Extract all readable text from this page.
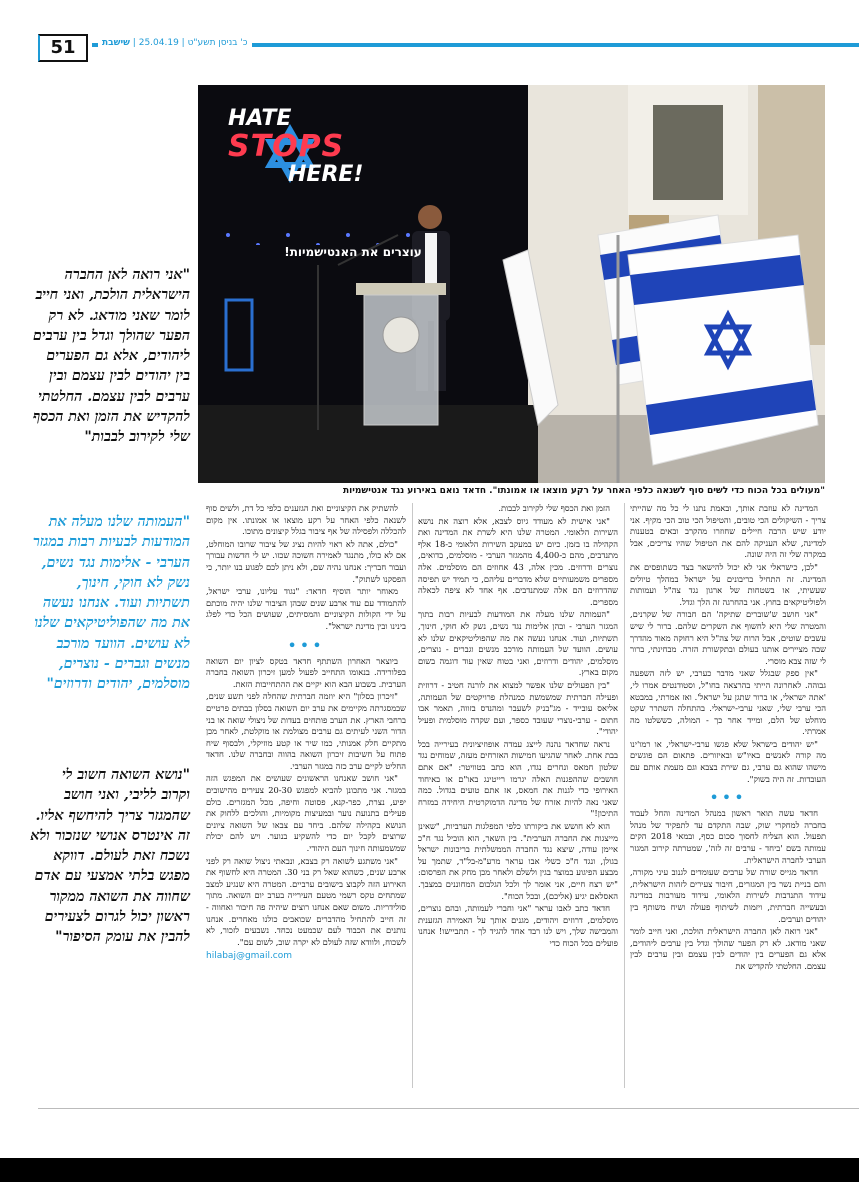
51	כ' בניסן תשע"ט | 25.04.19 | שישבת
HATE
STOPS
HERE!
עוצרים את האנטישמיות!
"מעולים בכל הכוח כדי לשים סוף לשנאה כלפי האחר על רקע מוצאו או אמונתו". חדאד נואם באירוע נגד אנטישמיות
"אני רואה לאן החברה הישראלית הולכת, ואני חייב לומר שאני מודאג. לא רק הפער שהולך וגדל בין ערבים ליהודים, אלא גם הפערים בין יהודים לבין עצמם ובין ערבים לבין עצמם. החלטתי להקדיש את הזמן ואת הכסף שלי לקירוב לבבות"
"העמותה שלנו מעלה את המודעות לבעיות רבות במגזר הערבי - אלימות נגד נשים, נשק לא חוקי, חינוך, תשתיות ועוד. אנחנו נעשה את מה שהפוליטיקאים שלנו לא עושים. הוועד מורכב מנשים וגברים - נוצרים, מוסלמים, יהודים ודרוזים"
"נושא השואה חשוב לי וקרוב לליבי, ואני חושב שהמגזר צריך להיחשף אליו. זה אינטרס אנושי שנזכור ולא נשכח זאת לעולם. דווקא מפגש בלתי אמצעי עם אדם שחווה את השואה ממקור ראשון יכול לגרום לצעירים להבין את עומק הסיפור"

המדינה לא עוזבת אותך, ובאמת נתנו לי כל מה שהייתי צריך - השיקולים הכי טובים, והטיפול הכי טוב הכי מקיף. אני יודע שיש הרבה חיילים שחוזרו מהקרב ובאים בטענות למדינה, שלא העניקה להם את הטיפול שהיו צריכים, אבל במקרה שלי זה היה שונה.

"לכן, כישראלי אני לא יכול להישאר בצד כשתופסים את המדינה. זה התחיל בריבונים על ישראל במהלך טיולים שעשיתי, או בשטחות של ארגון נגד צה"ל ועמותות ולפוליטיקאים בחוץ. אני בהחרגה זה הלך וגדל.

"אני חושב ש'שוברים שתיקה' הם חבורה של שקרנים, והמטרה שלי היא לחשוף את השקרים שלהם. ברור לי שיש עשבים שוטים, אבל הרוח של צה"ל היא רחוקה מאוד מהדרך שבה מציירים אותנו בעולם ובתקשורת הזרה. מבחינתי, ברור לי שזה צבא מוסרי.

"אין ספק שבגלל שאני מדבר כערבי, יש לזה השפעה גבוהה. לאחרונה הייתי בהרצאה בחו"ל, וסטודנטים אמרו לי, 'אתה ישראלי, או ברור שתגן על ישראל'. ואז אמרתי, במבטא הכי ערבי שלי, שאני ערבי-ישראלי. בהתחלה השתרר שקט מוחלט של הלם, ומייד אחר כך - המולה, כששלטו מה אמרתי.

"יש יהודים בישראל שלא פגשו ערבי-ישראלי, או רמו'ינו מה קורה לאנשים באיו"ש ובאיזורים. פתאום הם פוגשים מישהו שהוא גם ערבי, גם שירת בצבא וגם מעמת אותם עם העובדות. זה היה בשוק".

•••

חדאד עשה תואר ראשון במנהל המדינה והחל לעבוד בחברה למחקרי שוק, שבה התקדם עד לתפקיד של מנהל תפעול. הוא הצליח לחסוך סכום כסף, ובמאי 2018 הקים עמותה בשם 'ביחד - ערבים זה לזה', שמטרתה קירוב המגזר הערבי לחברה הישראלית.

חדאד מגייס שורה של ערבים שעומדים לגנוב עיני מקורה, והם בניית נשר בין המגזרים, חיבור צעירים לזהות הישראלית, עידוד התנדבות לשירות הלאומי, עידוד מעורבות במדינה ובעשייה חברתית, ויזמות לשיתוף פעולה ושיח משותף בין יהודים וערבים.

"אני רואה לאן החברה הישראלית הולכת, ואני חייב לומר שאני מודאג. לא רק הפער שהולך וגדל בין ערבים ליהודים, אלא גם הפערים בין יהודים לבין עצמם ובין ערבים לבין עצמם. החלטתי להקדיש את

הזמן ואת הכסף שלי לקירוב לבבות.

"אני אישית לא מעודד גיוס לצבא, אלא רוצה את נושא השירות הלאומי. המטרה שלנו היא לשרת את המדינה ואת הקהילה בו בזמן. כיום יש במעקב השירות הלאומי כ-18 אלף מתנדבים, מהם כ-4,400 מהמגזר הערבי - מוסלמים, בדואים, נוצרים ודרוזים. מכין אלה, 43 אחוזים הם מוסלמים. אלה מספרים משמעותיים שלא מדברים עליהם, כי תמיד יש תפיסה שהדרוזים הם אלה שמתנדבים. אף אחד לא ציפה לכאלה מספרים.

"העמותה שלנו מעלה את המודעות לבעיות רבות בתוך המגזר הערבי - ובהן אלימות נגד נשים, נשק לא חוקי, חינוך, תשתיות, ועוד. אנחנו נעשה את מה שהפוליטיקאים שלנו לא עושים. הוועד של העמותה מורכב מנשים וגברים - נוצרים, מוסלמים, יהודים ודרוזים, ואני בטוח שאין עוד דוגמה בשום מקום בארץ.

"בין הפעולים שלנו אפשר למצוא את לורנה חטיב - דרוזית ופעילה חברתית שמשמשת כמנהלת פרויקטים של העמותה, אליאס עובייד - מג"בניק לשעבר ומהנדס בזווה, תאמר אבו חתום - ערבי-נוצרי שעובד כספר, ועם שקדה מוסלמית ופעיל יהודי".

נראה שחדאד נהנה לייצג עמדה אופוזיציונית בעירייה בכל בבת אחת. לאחר שהגיעו חמישות האזרחים מעזה, שמוחים נגד שלטון חמאס ונחרים נגדו, הוא כתב בטוויטר: "אם אתם חושבים שההפגנות האלה יגרמו רייטינג באו"ם או באיחוד האירופי כדי לגנות את חמאס, אז אתם טועים בגדול. כמה שאני נאה להיות אזרח של מדינה הדמוקרטית היחידה במזרח התיכון!"

הוא לא חושש את ביקורתו כלפי המפלגות הערביות, "שאינן מייצגות את החברה הערבית". בין השאר, הוא הוביל נגד ח"כ איימן עודה, שיצא נגד החברה הממשלתית בריבונות ישראל בגולן, ונגד ח"כ כשלי אבו עראר מרע"מ-בל"ד, שתמך על מבצע הפיגוע במוצר בגין ולשלם ולאחר מכן מחק את הפרסום: "יש רצח חיים, אני אומר לך ולכל הגלבום המחוננים במצבך. האסלאם יגיע (אליכם), ובכל הכוח".

חדאד כתב לאבו עראר "אני וחברי לעמותה, ובהם נוצרים, מוסלמים, דרוזים ויהודים, מגנים אותך על האמירה הגזענית והמבישה שלך, ויש לנו רבד אחד להגיד לך - תתביישו! אנחנו פועלים בכל הכוח כדי

להשתיק את הקיצוניים ואת הגזענים כלפי כל דת, ולשים סוף לשנאה כלפי האחר על רקע מוצאו או אמונתו. אין מקום להכללה ולפסילה של אף ציבור בגלל קיצונים מתוכו.

"כולם, אתה לא ראוי להיות נציג של ציבור שרובו המוחלט, אם לא כולו, מתנגד לאמירה חשוכה שכזו. יש לי חדשות עבורך ועבור חבריך: אנחנו נהיה שם, ולא ניתן לכם לפגוע בנו יותר, כי הפסקנו לשתוק".

מאוחר יותר הוסיף חדאד: "נגוד עליונו, ערבי ישראל, להתמודד עם עוד ארבע שנים שבהן הציבור שלנו יהיה מוכתם על ידי הקולות הקיצוניים והמסיתים, שעושים הכל כדי לפלג בינינו ובין מדינת ישראל".

•••

ביוצאר האחרון השתתף חדאד בטקס לציון יום השואה בפלורידה. בנאומו התחייב לפעול למען זיכרון השואה בחברה הערבית. בשבוע הבא הוא יקיים את ההתחייבות הזאת.

"זיכרון בסלון" היא יוזמה חברתית שהחלה לפני תשע שנים, שבמסגרתה מקיימים את ערב יום השואה בסלון בבתים פרטיים ברחבי הארץ. את הערב פותחים בעדות של ניצולי שואה או בני הדור השני לעיתים גם ערבים מצולמת או מוקלטת, לאחר מכן מתקיים חלק אמנותי, כמו שיר או קטע מוזיקלי, ולבסוף שיח פתוח על חשיבות זיכרון השואה בהווה ובחברה שלנו. חדאד החליט לקיים ערב כזה במגזר הערבי.

"אני חושב שאנחנו הראשונים שעושים את המפגש הזה במגזר. אני מתכונן להביא למפגש 20-30 צעירים מהישובים יפיע, נצרת, כפר-קנא, פסוטה וחיפה, מכל המגזרים. כולם פעילים בתנועת נוער ובמעיצות מקומיות, והולכים ללחוק את הנושא בקהילה שלהם. ביחד עם צבאו של השואה ציונים שרוצים לקבל יום כדי להשקיע בנוער. ויש להם יכולת שמשמעותה חינוך העם היהודי.

"אני משתגע לשואה רק בצבא, ונבאתי ניצול שואה רק לפני ארבע שנים, כשהוא שאל רק בני 30. המטרה היא לחשוף את האירוע הזה לקבוצ בישובים ערביים. המטרה היא שנגיע למצב שמתחים טקס רשמי מטעם העירייה בערב יום השואה. מתוך סולידריות. משום שאם אנחנו רוצים שיהיה פה חיבור ואחווה - זה חייב להתחיל מהדברים שכואבים כולנו מאחרים. אנחנו נותנים את הכבוד לעם שכמעט נכחד. נשבעים לזכור, לא לשכוח, ולוודא שזה לעולם לא יקרה שוב, לשום עם".

hilabaj@gmail.com
